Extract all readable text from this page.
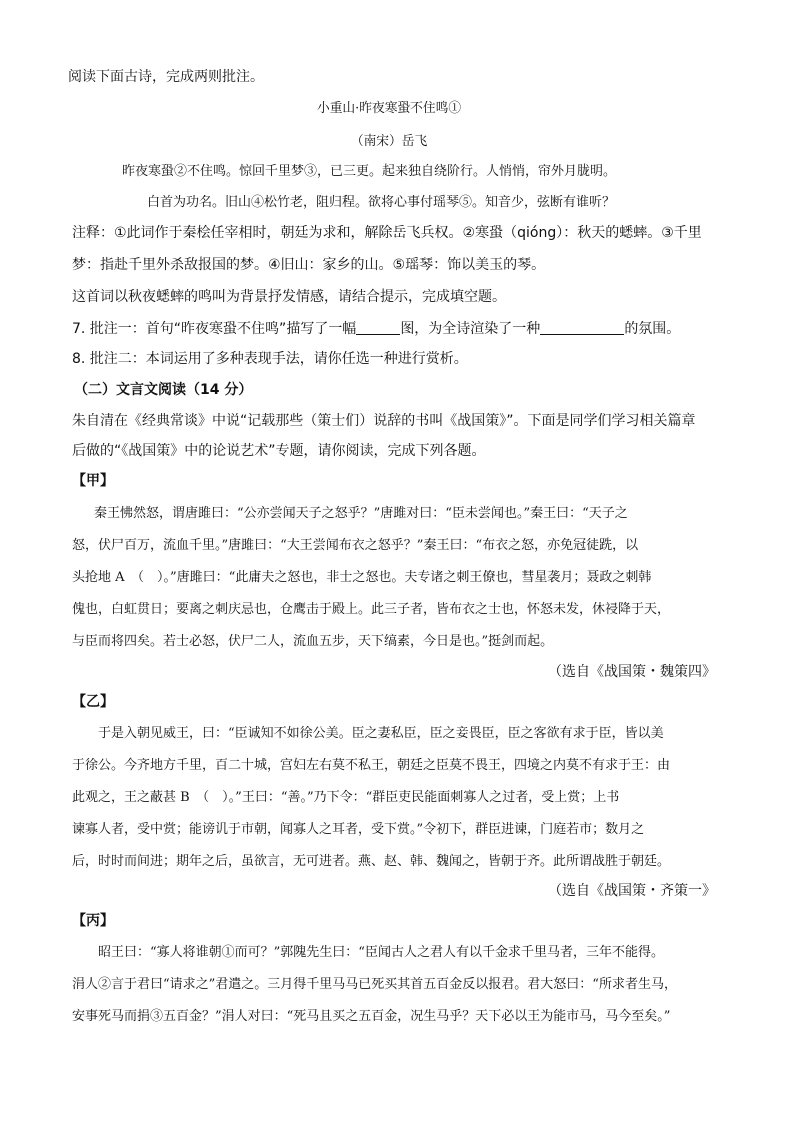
阅读下面古诗，完成两则批注。
小重山·昨夜寒蛩不住鸣①
（南宋）岳飞
昨夜寒蛩②不住鸣。惊回千里梦③，已三更。起来独自绕阶行。人悄悄，帘外月胧明。
白首为功名。旧山④松竹老，阻归程。欲将心事付瑶琴⑤。知音少，弦断有谁听？
注释：①此词作于秦桧任宰相时，朝廷为求和，解除岳飞兵权。②寒蛩（qióng）：秋天的蟋蟀。③千里
梦：指赴千里外杀敌报国的梦。④旧山：家乡的山。⑤瑶琴：饰以美玉的琴。
这首词以秋夜蟋蟀的鸣叫为背景抒发情感，请结合提示，完成填空题。
7. 批注一：首句“昨夜寒蛩不住鸣”描写了一幅	图，为全诗渲染了一种	的氛围。
8. 批注二：本词运用了多种表现手法，请你任选一种进行赏析。
（二）文言文阅读（14 分）
朱自清在《经典常谈》中说“记载那些（策士们）说辞的书叫《战国策》”。下面是同学们学习相关篇章
后做的“《战国策》中的论说艺术”专题，请你阅读，完成下列各题。
【甲】
秦王怫然怒，谓唐雎曰：“公亦尝闻天子之怒乎？”唐雎对曰：“臣未尝闻也。”秦王曰：“天子之
怒，伏尸百万，流血千里。”唐雎曰：“大王尝闻布衣之怒乎？”秦王曰：“布衣之怒，亦免冠徒跣，以
头抢地 A　（　）。”唐雎曰：“此庸夫之怒也，非士之怒也。夫专诸之刺王僚也，彗星袭月；聂政之刺韩
傀也，白虹贯日；要离之刺庆忌也，仓鹰击于殿上。此三子者，皆布衣之士也，怀怒未发，休祲降于天，
与臣而将四矣。若士必怒，伏尸二人，流血五步，天下缟素，今日是也。”挺剑而起。
（选自《战国策・魏策四》
【乙】
于是入朝见威王，曰：“臣诚知不如徐公美。臣之妻私臣，臣之妾畏臣，臣之客欲有求于臣，皆以美
于徐公。今齐地方千里，百二十城，宫妇左右莫不私王，朝廷之臣莫不畏王，四境之内莫不有求于王：由
此观之，王之蔽甚 B　（　）。”王曰：“善。”乃下令：“群臣吏民能面刺寡人之过者，受上赏；上书
谏寡人者，受中赏；能谤讥于市朝，闻寡人之耳者，受下赏。”令初下，群臣进谏，门庭若市；数月之
后，时时而间进；期年之后，虽欲言，无可进者。燕、赵、韩、魏闻之，皆朝于齐。此所谓战胜于朝廷。
（选自《战国策・齐策一》
【丙】
昭王曰：“寡人将谁朝①而可？”郭隗先生曰：“臣闻古人之君人有以千金求千里马者，三年不能得。
涓人②言于君曰“请求之”君遣之。三月得千里马马已死买其首五百金反以报君。君大怒曰：“所求者生马，
安事死马而捐③五百金？”涓人对曰：“死马且买之五百金，况生马乎？天下必以王为能市马，马今至矣。”
